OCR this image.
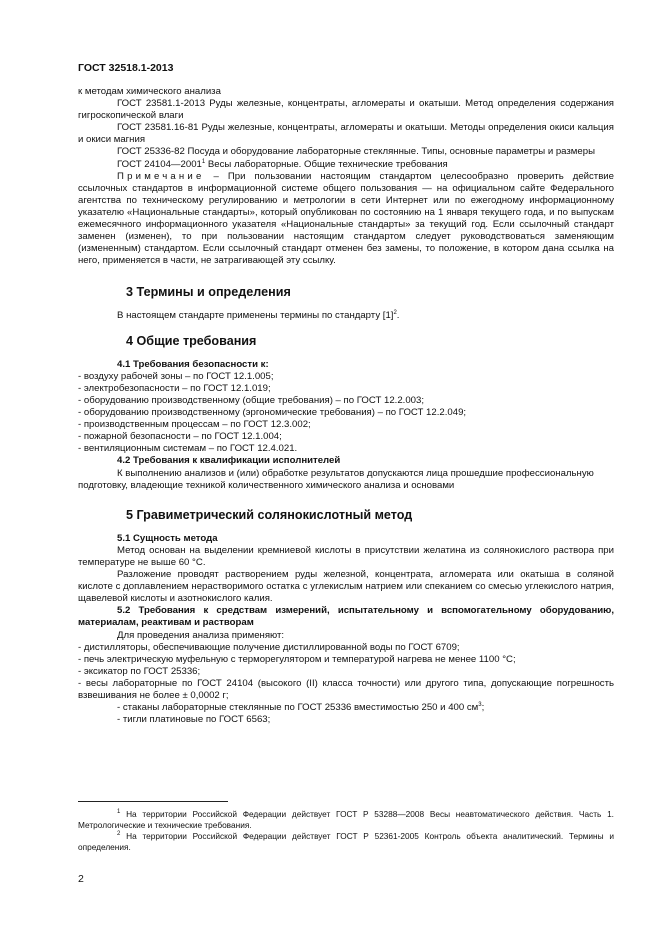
ГОСТ 32518.1-2013

к методам химического анализа

ГОСТ 23581.1-2013 Руды железные, концентраты, агломераты и окатыши. Метод определения содержания гигроскопической влаги

ГОСТ 23581.16-81 Руды железные, концентраты, агломераты и окатыши. Методы определения окиси кальция и окиси магния

ГОСТ 25336-82 Посуда и оборудование лабораторные стеклянные. Типы, основные параметры и размеры

ГОСТ 24104—2001$^1$ Весы лабораторные. Общие технические требования

Примечание – При пользовании настоящим стандартом целесообразно проверить действие ссылочных стандартов в информационной системе общего пользования — на официальном сайте Федерального агентства по техническому регулированию и метрологии в сети Интернет или по ежегодному информационному указателю «Национальные стандарты», который опубликован по состоянию на 1 января текущего года, и по выпускам ежемесячного информационного указателя «Национальные стандарты» за текущий год. Если ссылочный стандарт заменен (изменен), то при пользовании настоящим стандартом следует руководствоваться заменяющим (измененным) стандартом. Если ссылочный стандарт отменен без замены, то положение, в котором дана ссылка на него, применяется в части, не затрагивающей эту ссылку.

3 Термины и определения

В настоящем стандарте применены термины по стандарту $[1]^2$.

4 Общие требования

4.1 Требования безопасности к:

- воздуху рабочей зоны – по ГОСТ 12.1.005;

- электробезопасности – по ГОСТ 12.1.019;

- оборудованию производственному (общие требования) – по ГОСТ 12.2.003;

- оборудованию производственному (эргономические требования) – по ГОСТ 12.2.049;

- производственным процессам – по ГОСТ 12.3.002;

- пожарной безопасности – по ГОСТ 12.1.004;

- вентиляционным системам – по ГОСТ 12.4.021.

4.2 Требования к квалификации исполнителей

К выполнению анализов и (или) обработке результатов допускаются лица прошедшие профессиональную подготовку, владеющие техникой количественного химического анализа и основами

5 Гравиметрический солянокислотный метод

5.1 Сущность метода

Метод основан на выделении кремниевой кислоты в присутствии желатина из солянокислого раствора при температуре не выше 60 °С.

Разложение проводят растворением руды железной, концентрата, агломерата или окатыша в соляной кислоте с доплавлением нерастворимого остатка с углекислым натрием или спеканием со смесью углекислого натрия, щавелевой кислоты и азотнокислого калия.

5.2 Требования к средствам измерений, испытательному и вспомогательному оборудованию, материалам, реактивам и растворам

Для проведения анализа применяют:

- дистилляторы, обеспечивающие получение дистиллированной воды по ГОСТ 6709;

- печь электрическую муфельную с терморегулятором и температурой нагрева не менее 1100 °С;

- эксикатор по ГОСТ 25336;

- весы лабораторные по ГОСТ 24104 (высокого (II) класса точности) или другого типа, допускающие погрешность взвешивания не более ± 0,0002 г;

- стаканы лабораторные стеклянные по ГОСТ 25336 вместимостью 250 и 400 $см^3$;

- тигли платиновые по ГОСТ 6563;

$^1$ На территории Российской Федерации действует ГОСТ Р 53288—2008 Весы неавтоматического действия. Часть 1. Метрологические и технические требования.

$^2$ На территории Российской Федерации действует ГОСТ Р 52361-2005 Контроль объекта аналитический. Термины и определения.

2
